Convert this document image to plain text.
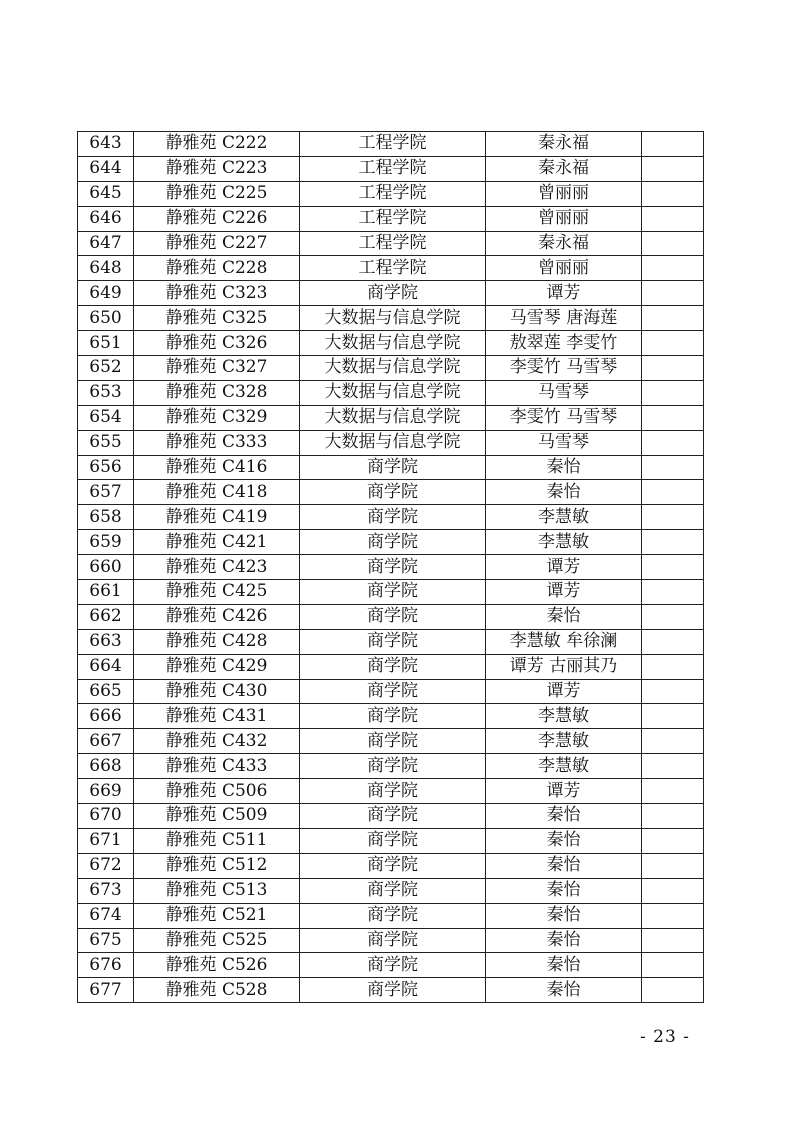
643	静雅苑 C222	工程学院	秦永福	
644	静雅苑 C223	工程学院	秦永福	
645	静雅苑 C225	工程学院	曾丽丽	
646	静雅苑 C226	工程学院	曾丽丽	
647	静雅苑 C227	工程学院	秦永福	
648	静雅苑 C228	工程学院	曾丽丽	
649	静雅苑 C323	商学院	谭芳	
650	静雅苑 C325	大数据与信息学院	马雪琴 唐海莲	
651	静雅苑 C326	大数据与信息学院	敖翠莲 李雯竹	
652	静雅苑 C327	大数据与信息学院	李雯竹 马雪琴	
653	静雅苑 C328	大数据与信息学院	马雪琴	
654	静雅苑 C329	大数据与信息学院	李雯竹 马雪琴	
655	静雅苑 C333	大数据与信息学院	马雪琴	
656	静雅苑 C416	商学院	秦怡	
657	静雅苑 C418	商学院	秦怡	
658	静雅苑 C419	商学院	李慧敏	
659	静雅苑 C421	商学院	李慧敏	
660	静雅苑 C423	商学院	谭芳	
661	静雅苑 C425	商学院	谭芳	
662	静雅苑 C426	商学院	秦怡	
663	静雅苑 C428	商学院	李慧敏 牟徐澜	
664	静雅苑 C429	商学院	谭芳 古丽其乃	
665	静雅苑 C430	商学院	谭芳	
666	静雅苑 C431	商学院	李慧敏	
667	静雅苑 C432	商学院	李慧敏	
668	静雅苑 C433	商学院	李慧敏	
669	静雅苑 C506	商学院	谭芳	
670	静雅苑 C509	商学院	秦怡	
671	静雅苑 C511	商学院	秦怡	
672	静雅苑 C512	商学院	秦怡	
673	静雅苑 C513	商学院	秦怡	
674	静雅苑 C521	商学院	秦怡	
675	静雅苑 C525	商学院	秦怡	
676	静雅苑 C526	商学院	秦怡	
677	静雅苑 C528	商学院	秦怡	
- 23 -
